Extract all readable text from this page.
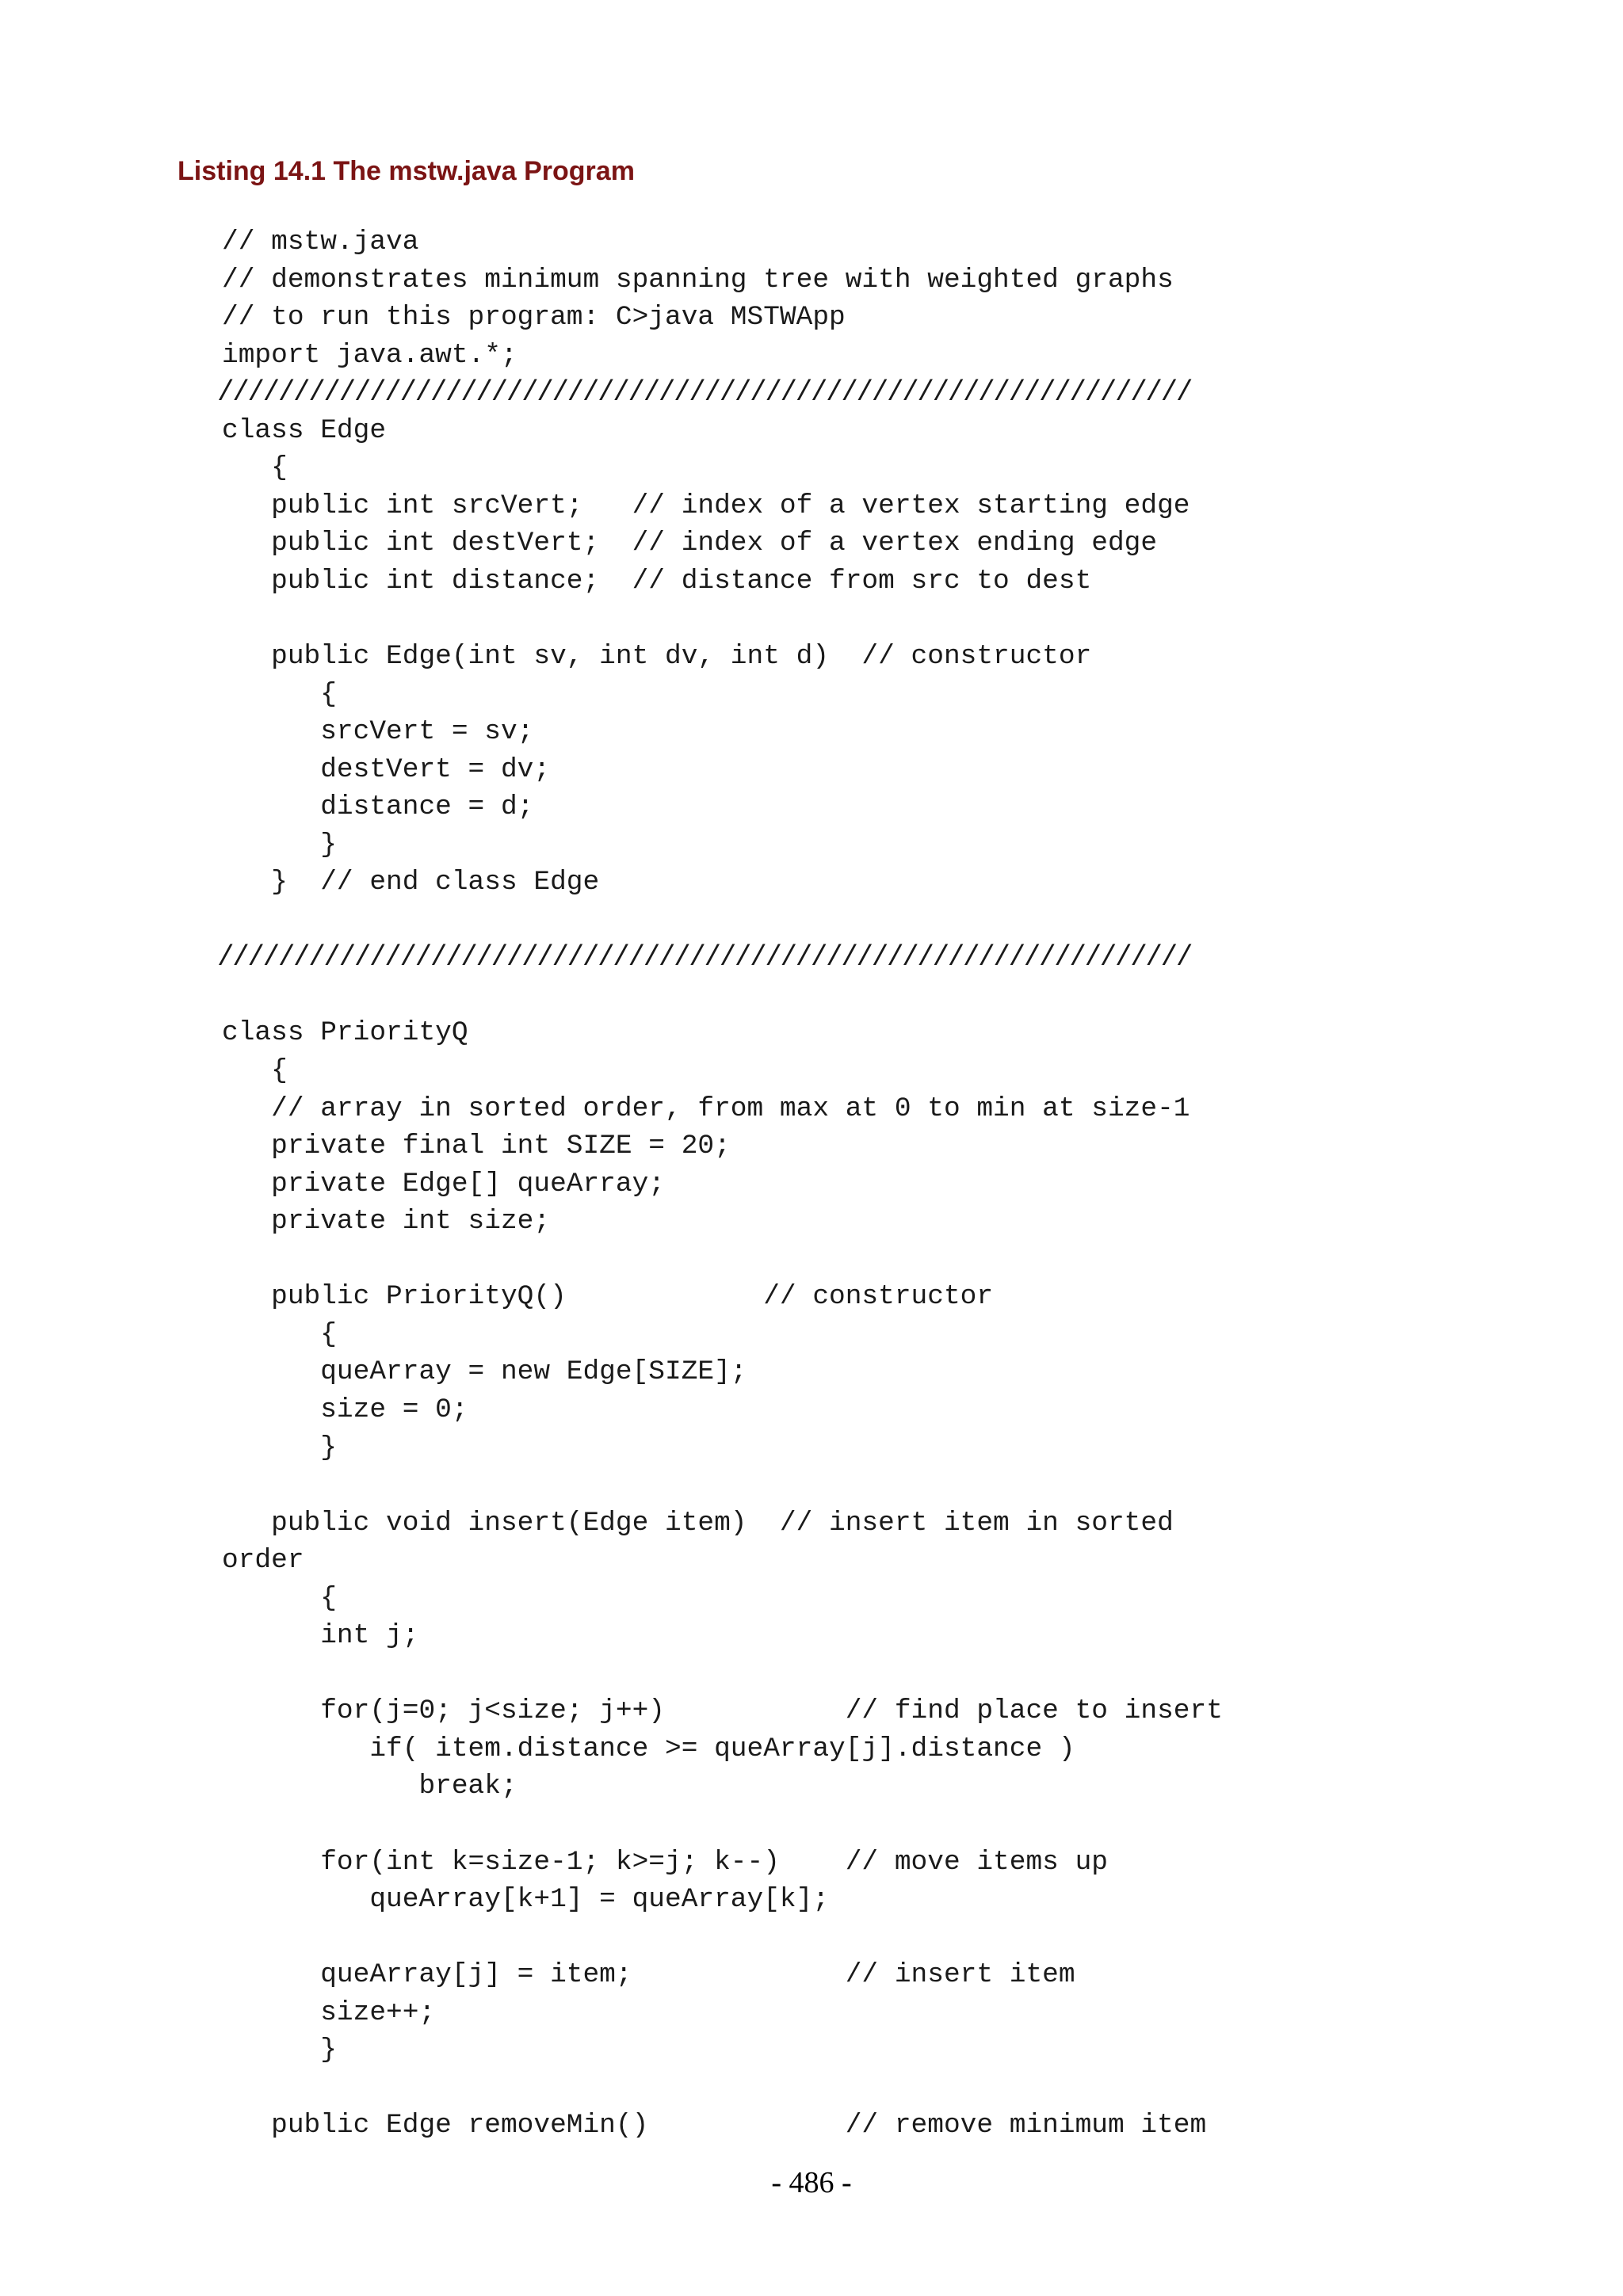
Listing 14.1 The mstw.java Program
// mstw.java
// demonstrates minimum spanning tree with weighted graphs
// to run this program: C>java MSTWApp
import java.awt.*;
////////////////////////////////////////////////////////////////
class Edge
{
public int srcVert;   // index of a vertex starting edge
public int destVert;  // index of a vertex ending edge
public int distance;  // distance from src to dest
public Edge(int sv, int dv, int d)  // constructor
{
srcVert = sv;
destVert = dv;
distance = d;
}
}  // end class Edge
////////////////////////////////////////////////////////////////
class PriorityQ
{
// array in sorted order, from max at 0 to min at size-1
private final int SIZE = 20;
private Edge[] queArray;
private int size;
public PriorityQ()            // constructor
{
queArray = new Edge[SIZE];
size = 0;
}
public void insert(Edge item)  // insert item in sorted
order
{
int j;
for(j=0; j<size; j++)           // find place to insert
if( item.distance >= queArray[j].distance )
break;
for(int k=size-1; k>=j; k--)    // move items up
queArray[k+1] = queArray[k];
queArray[j] = item;             // insert item
size++;
}
public Edge removeMin()            // remove minimum item
- 486 -
